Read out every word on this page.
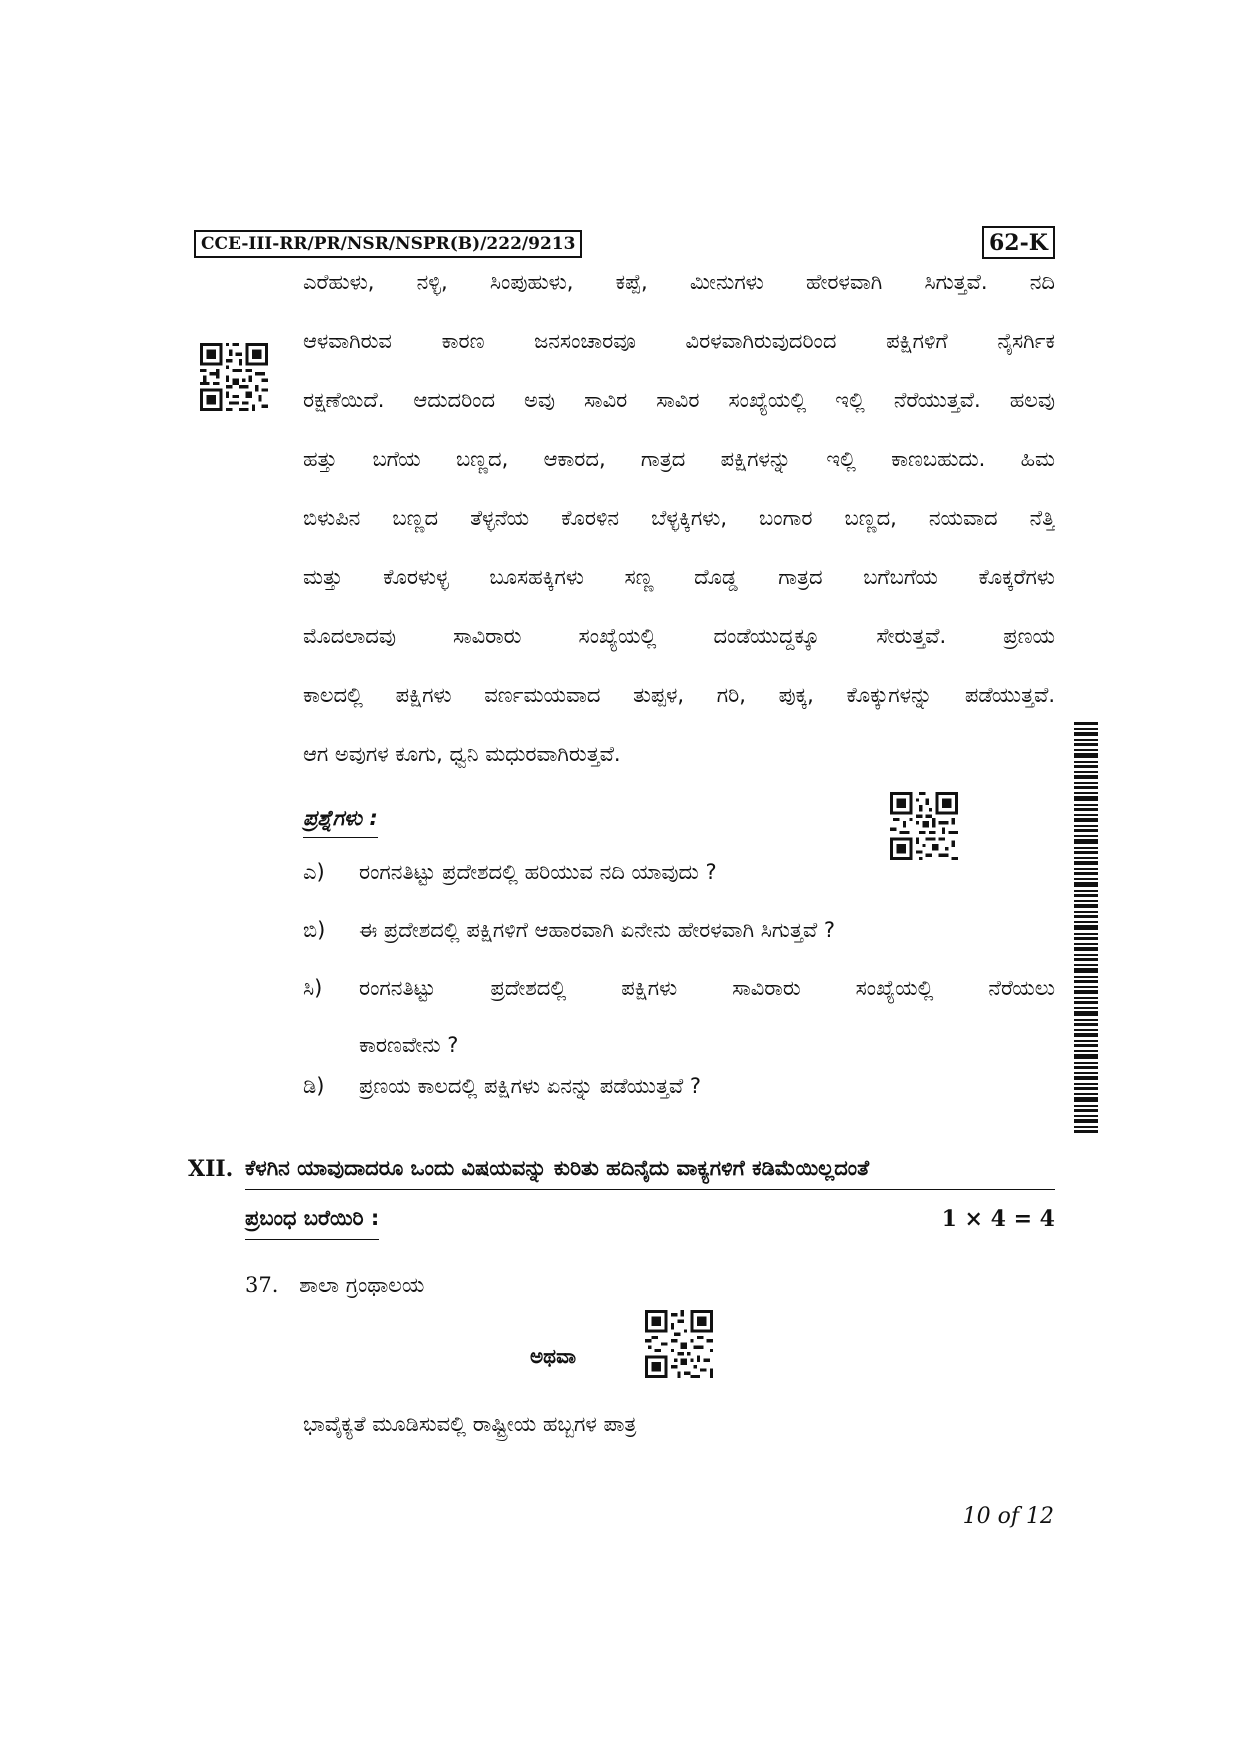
CCE-III-RR/PR/NSR/NSPR(B)/222/9213	62-K
ಎರೆಹುಳು, ನಳ್ಳಿ, ಸಿಂಪುಹುಳು, ಕಪ್ಪೆ, ಮೀನುಗಳು ಹೇರಳವಾಗಿ ಸಿಗುತ್ತವೆ. ನದಿ
ಆಳವಾಗಿರುವ ಕಾರಣ ಜನಸಂಚಾರವೂ ವಿರಳವಾಗಿರುವುದರಿಂದ ಪಕ್ಷಿಗಳಿಗೆ ನೈಸರ್ಗಿಕ
ರಕ್ಷಣೆಯಿದೆ. ಆದುದರಿಂದ ಅವು ಸಾವಿರ ಸಾವಿರ ಸಂಖ್ಯೆಯಲ್ಲಿ ಇಲ್ಲಿ ನೆರೆಯುತ್ತವೆ. ಹಲವು
ಹತ್ತು ಬಗೆಯ ಬಣ್ಣದ, ಆಕಾರದ, ಗಾತ್ರದ ಪಕ್ಷಿಗಳನ್ನು ಇಲ್ಲಿ ಕಾಣಬಹುದು. ಹಿಮ
ಬಿಳುಪಿನ ಬಣ್ಣದ ತೆಳ್ಳನೆಯ ಕೊರಳಿನ ಬೆಳ್ಳಕ್ಕಿಗಳು, ಬಂಗಾರ ಬಣ್ಣದ, ನಯವಾದ ನೆತ್ತಿ
ಮತ್ತು ಕೊರಳುಳ್ಳ ಬೂಸಹಕ್ಕಿಗಳು ಸಣ್ಣ ದೊಡ್ಡ ಗಾತ್ರದ ಬಗೆಬಗೆಯ ಕೊಕ್ಕರೆಗಳು
ಮೊದಲಾದವು ಸಾವಿರಾರು ಸಂಖ್ಯೆಯಲ್ಲಿ ದಂಡೆಯುದ್ದಕ್ಕೂ ಸೇರುತ್ತವೆ. ಪ್ರಣಯ
ಕಾಲದಲ್ಲಿ ಪಕ್ಷಿಗಳು ವರ್ಣಮಯವಾದ ತುಪ್ಪಳ, ಗರಿ, ಪುಕ್ಕ, ಕೊಕ್ಕುಗಳನ್ನು ಪಡೆಯುತ್ತವೆ.
ಆಗ ಅವುಗಳ ಕೂಗು, ಧ್ವನಿ ಮಧುರವಾಗಿರುತ್ತವೆ.
ಪ್ರಶ್ನೆಗಳು :
ಎ)	ರಂಗನತಿಟ್ಟು ಪ್ರದೇಶದಲ್ಲಿ ಹರಿಯುವ ನದಿ ಯಾವುದು ?
ಬಿ)	ಈ ಪ್ರದೇಶದಲ್ಲಿ ಪಕ್ಷಿಗಳಿಗೆ ಆಹಾರವಾಗಿ ಏನೇನು ಹೇರಳವಾಗಿ ಸಿಗುತ್ತವೆ ?
ಸಿ)	ರಂಗನತಿಟ್ಟು ಪ್ರದೇಶದಲ್ಲಿ ಪಕ್ಷಿಗಳು ಸಾವಿರಾರು ಸಂಖ್ಯೆಯಲ್ಲಿ ನೆರೆಯಲು
ಕಾರಣವೇನು ?
ಡಿ)	ಪ್ರಣಯ ಕಾಲದಲ್ಲಿ ಪಕ್ಷಿಗಳು ಏನನ್ನು ಪಡೆಯುತ್ತವೆ ?
XII. ಕೆಳಗಿನ ಯಾವುದಾದರೂ ಒಂದು ವಿಷಯವನ್ನು ಕುರಿತು ಹದಿನೈದು ವಾಕ್ಯಗಳಿಗೆ ಕಡಿಮೆಯಿಲ್ಲದಂತೆ
ಪ್ರಬಂಧ ಬರೆಯಿರಿ :	1 × 4 = 4
37. ಶಾಲಾ ಗ್ರಂಥಾಲಯ
ಅಥವಾ
ಭಾವೈಕ್ಯತೆ ಮೂಡಿಸುವಲ್ಲಿ ರಾಷ್ಟ್ರೀಯ ಹಬ್ಬಗಳ ಪಾತ್ರ
10 of 12
